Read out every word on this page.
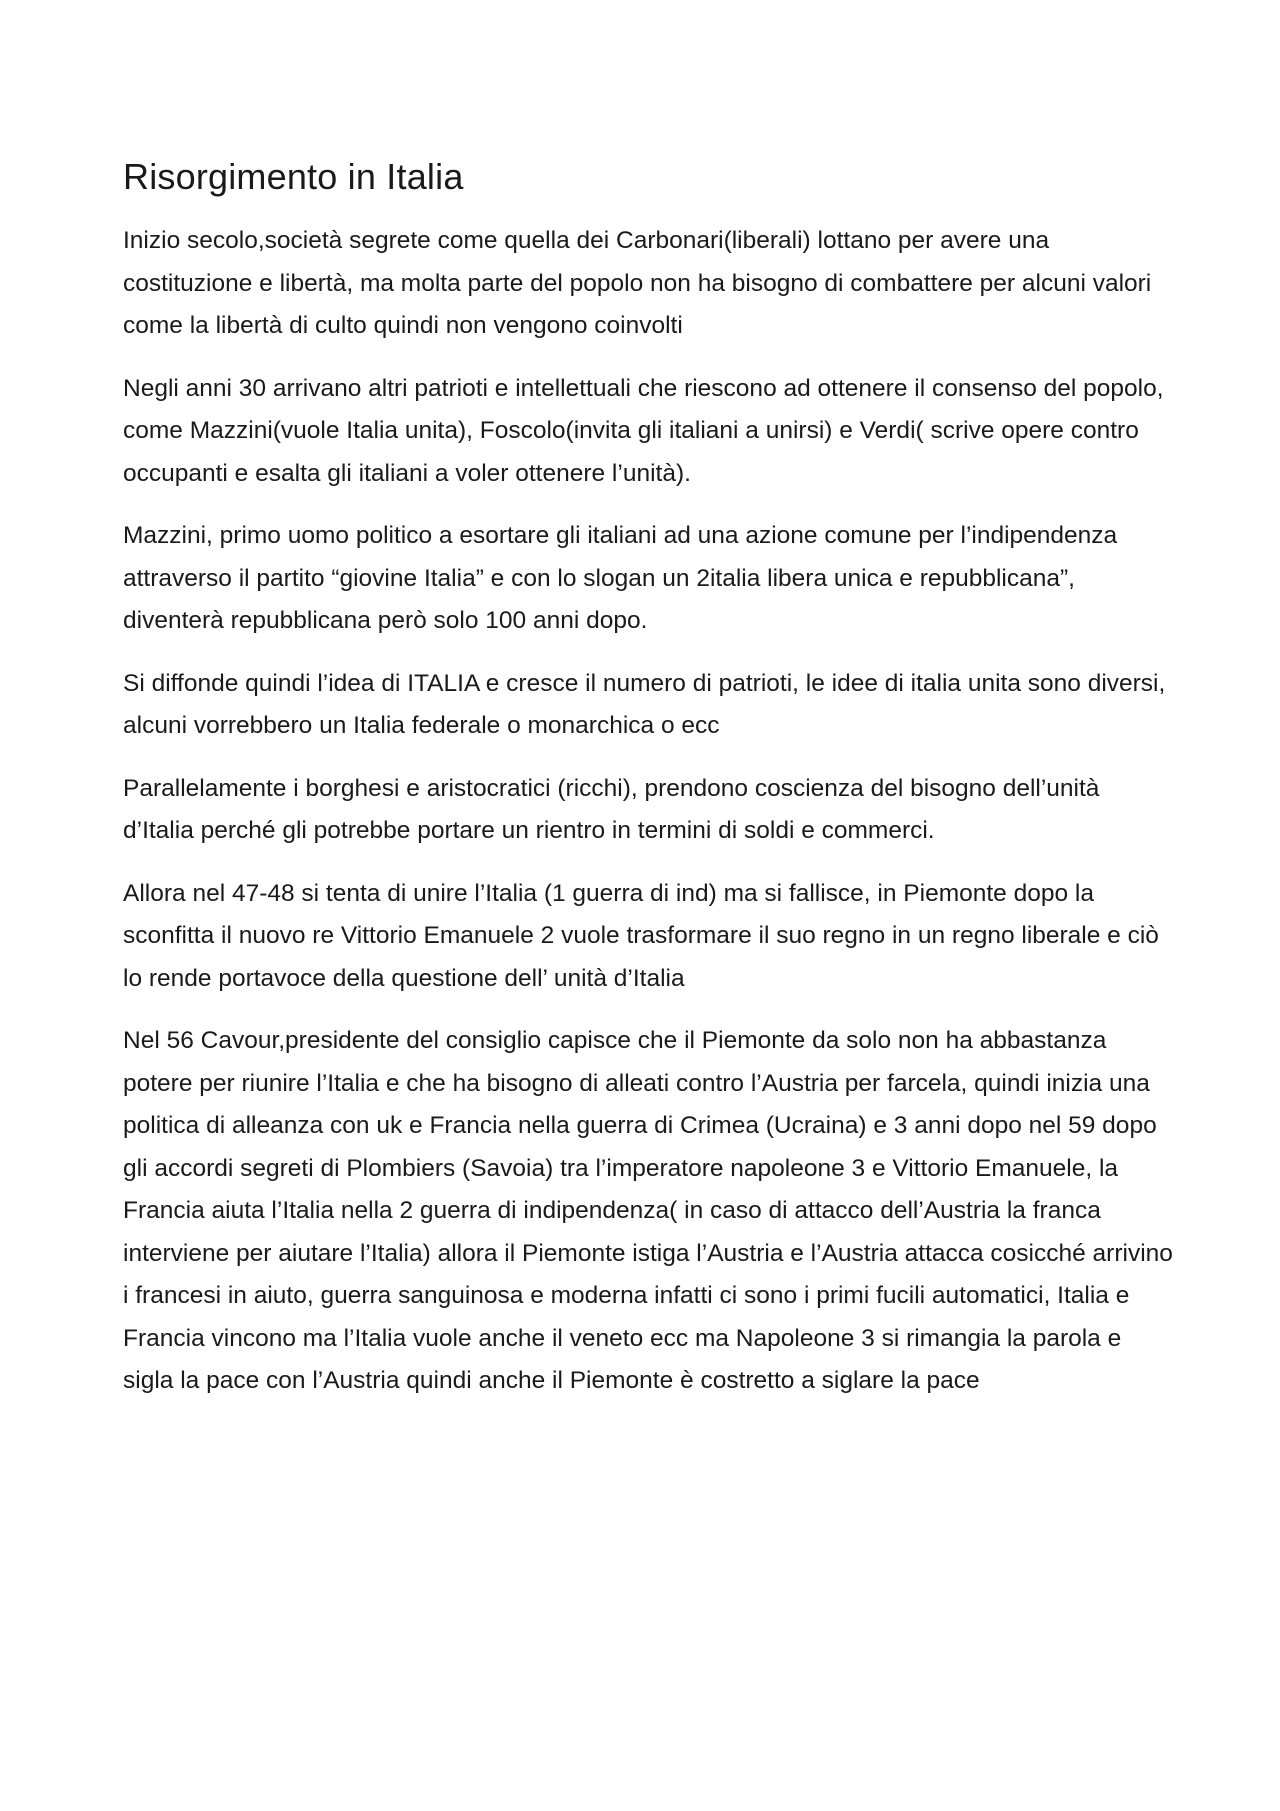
Risorgimento in Italia

Inizio secolo,società segrete come quella dei Carbonari(liberali) lottano per avere una costituzione e libertà, ma molta parte del popolo non ha bisogno di combattere per alcuni valori come la libertà di culto quindi non vengono coinvolti

Negli anni 30 arrivano altri patrioti e intellettuali che riescono ad ottenere il consenso del popolo, come Mazzini(vuole Italia unita), Foscolo(invita gli italiani a unirsi) e Verdi( scrive opere contro occupanti e esalta gli italiani a voler ottenere l’unità).

Mazzini, primo uomo politico a esortare gli italiani ad una azione comune per l’indipendenza attraverso il partito “giovine Italia” e con lo slogan un 2italia libera unica e repubblicana”, diventerà repubblicana però solo 100 anni dopo.

Si diffonde quindi l’idea di ITALIA e cresce il numero di patrioti, le idee di italia unita sono diversi, alcuni vorrebbero un Italia federale o monarchica o ecc

Parallelamente i borghesi e aristocratici (ricchi), prendono coscienza del bisogno dell’unità d’Italia perché gli potrebbe portare un rientro in termini di soldi e commerci.

Allora nel 47-48 si tenta di unire l’Italia (1 guerra di ind) ma si fallisce, in Piemonte dopo la sconfitta il nuovo re Vittorio Emanuele 2 vuole trasformare il suo regno in un regno liberale e ciò lo rende portavoce della questione dell’ unità d’Italia

Nel 56 Cavour,presidente del consiglio capisce che il Piemonte da solo non ha abbastanza potere per riunire l’Italia e che ha bisogno di alleati contro l’Austria per farcela, quindi inizia una politica di alleanza con uk e Francia nella guerra di Crimea (Ucraina) e 3 anni dopo nel 59 dopo gli accordi segreti di Plombiers (Savoia) tra l’imperatore napoleone 3 e Vittorio Emanuele, la Francia aiuta l’Italia nella 2 guerra di indipendenza( in caso di attacco dell’Austria la franca interviene per aiutare l’Italia) allora il Piemonte istiga l’Austria e l’Austria attacca cosicché arrivino i francesi in aiuto, guerra sanguinosa e moderna infatti ci sono i primi fucili automatici, Italia e Francia vincono ma l’Italia vuole anche il veneto ecc ma Napoleone 3 si rimangia la parola e sigla la pace con l’Austria quindi anche il Piemonte è costretto a siglare la pace
